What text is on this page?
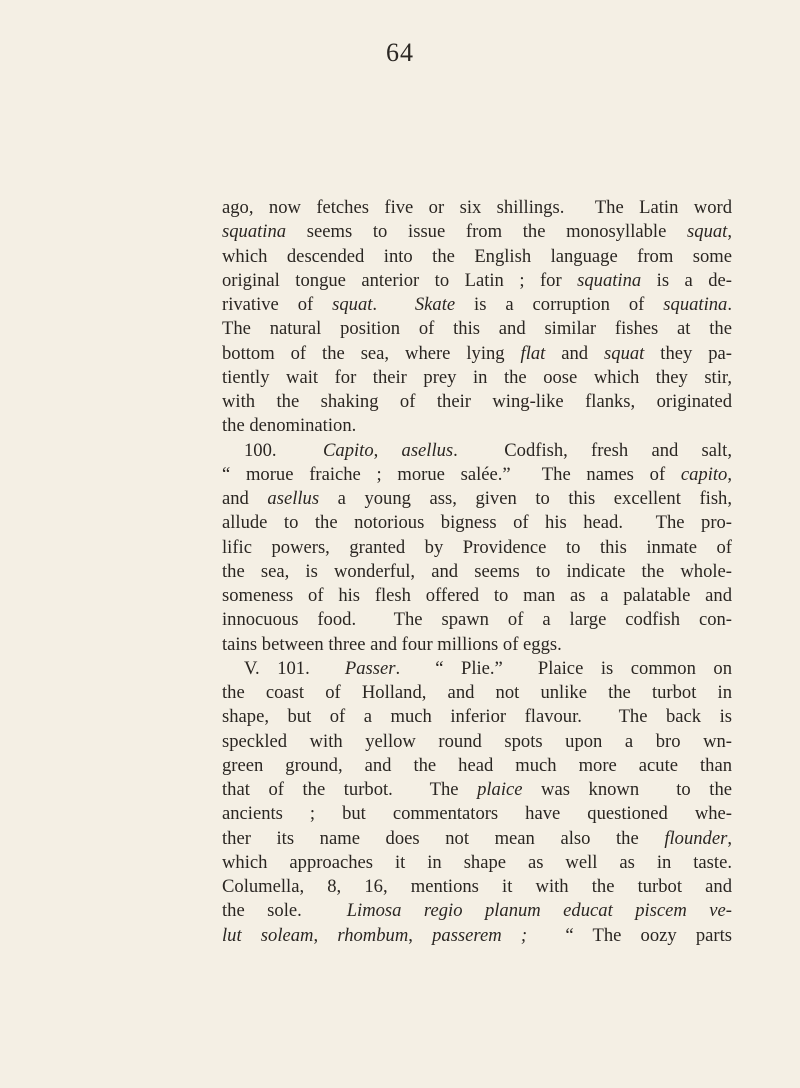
64
ago, now fetches five or six shillings.  The Latin word
squatina seems to issue from the monosyllable squat,
which descended into the English language from some
original tongue anterior to Latin ; for squatina is a de-
rivative of squat.  Skate is a corruption of squatina.
The natural position of this and similar fishes at the
bottom of the sea, where lying flat and squat they pa-
tiently wait for their prey in the oose which they stir,
with the shaking of their wing-like flanks, originated
the denomination.
100.  Capito, asellus.  Codfish, fresh and salt,
“ morue fraiche ; morue salée.”  The names of capito,
and asellus a young ass, given to this excellent fish,
allude to the notorious bigness of his head.  The pro-
lific powers, granted by Providence to this inmate of
the sea, is wonderful, and seems to indicate the whole-
someness of his flesh offered to man as a palatable and
innocuous food.  The spawn of a large codfish con-
tains between three and four millions of eggs.
V. 101.  Passer.  “ Plie.”  Plaice is common on
the coast of Holland, and not unlike the turbot in
shape, but of a much inferior flavour.  The back is
speckled with yellow round spots upon a bro wn-
green ground, and the head much more acute than
that of the turbot.  The plaice was known  to the
ancients ; but commentators have questioned whe-
ther its name does not mean also the flounder,
which approaches it in shape as well as in taste.
Columella, 8, 16, mentions it with the turbot and
the sole.  Limosa regio planum educat piscem ve-
lut soleam, rhombum, passerem ;  “ The oozy parts
